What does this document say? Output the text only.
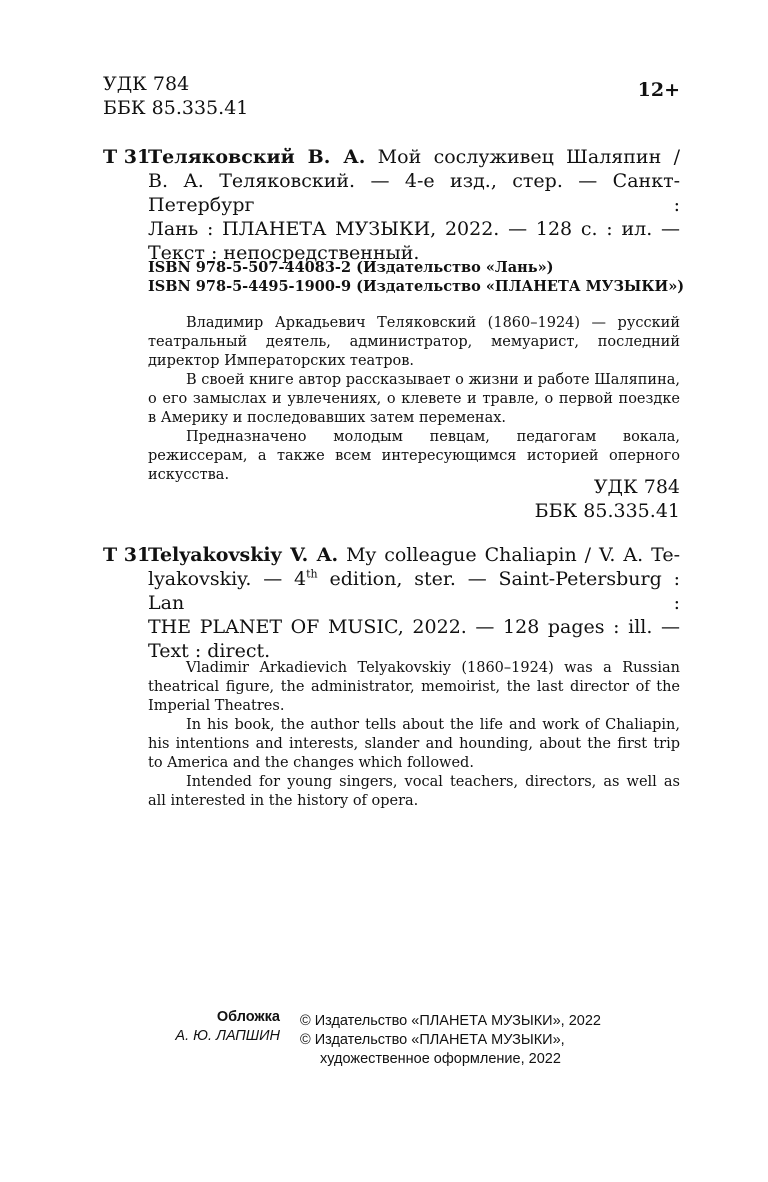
УДК 784
ББК 85.335.41
12+
Т 31
Теляковский В. А. Мой сослуживец Шаляпин /
В. А. Теляковский. — 4-е изд., стер. — Санкт-Петербург :
Лань : ПЛАНЕТА МУЗЫКИ, 2022. — 128 с. : ил. —
Текст : непосредственный.
ISBN 978-5-507-44083-2 (Издательство «Лань»)
ISBN 978-5-4495-1900-9 (Издательство «ПЛАНЕТА МУЗЫКИ»)

Владимир Аркадьевич Теляковский (1860–1924) — русский театральный деятель, администратор, мемуарист, последний директор Императорских театров.

В своей книге автор рассказывает о жизни и работе Шаляпина, о его замыслах и увлечениях, о клевете и травле, о первой поездке в Америку и последовавших затем переменах.

Предназначено молодым певцам, педагогам вокала, режиссерам, а также всем интересующимся историей оперного искусства.

УДК 784
ББК 85.335.41
Т 31
Telyakovskiy V. A. My colleague Chaliapin / V. A. Te-
lyakovskiy. — 4th edition, ster. — Saint-Petersburg : Lan :
THE PLANET OF MUSIC, 2022. — 128 pages : ill. —
Text : direct.

Vladimir Arkadievich Telyakovskiy (1860–1924) was a Russian theatrical figure, the administrator, memoirist, the last director of the Imperial Theatres.

In his book, the author tells about the life and work of Chaliapin, his intentions and interests, slander and hounding, about the first trip to America and the changes which followed.

Intended for young singers, vocal teachers, directors, as well as all interested in the history of opera.

Обложка
А. Ю. ЛАПШИН
© Издательство «ПЛАНЕТА МУЗЫКИ», 2022
© Издательство «ПЛАНЕТА МУЗЫКИ»,
художественное оформление, 2022
